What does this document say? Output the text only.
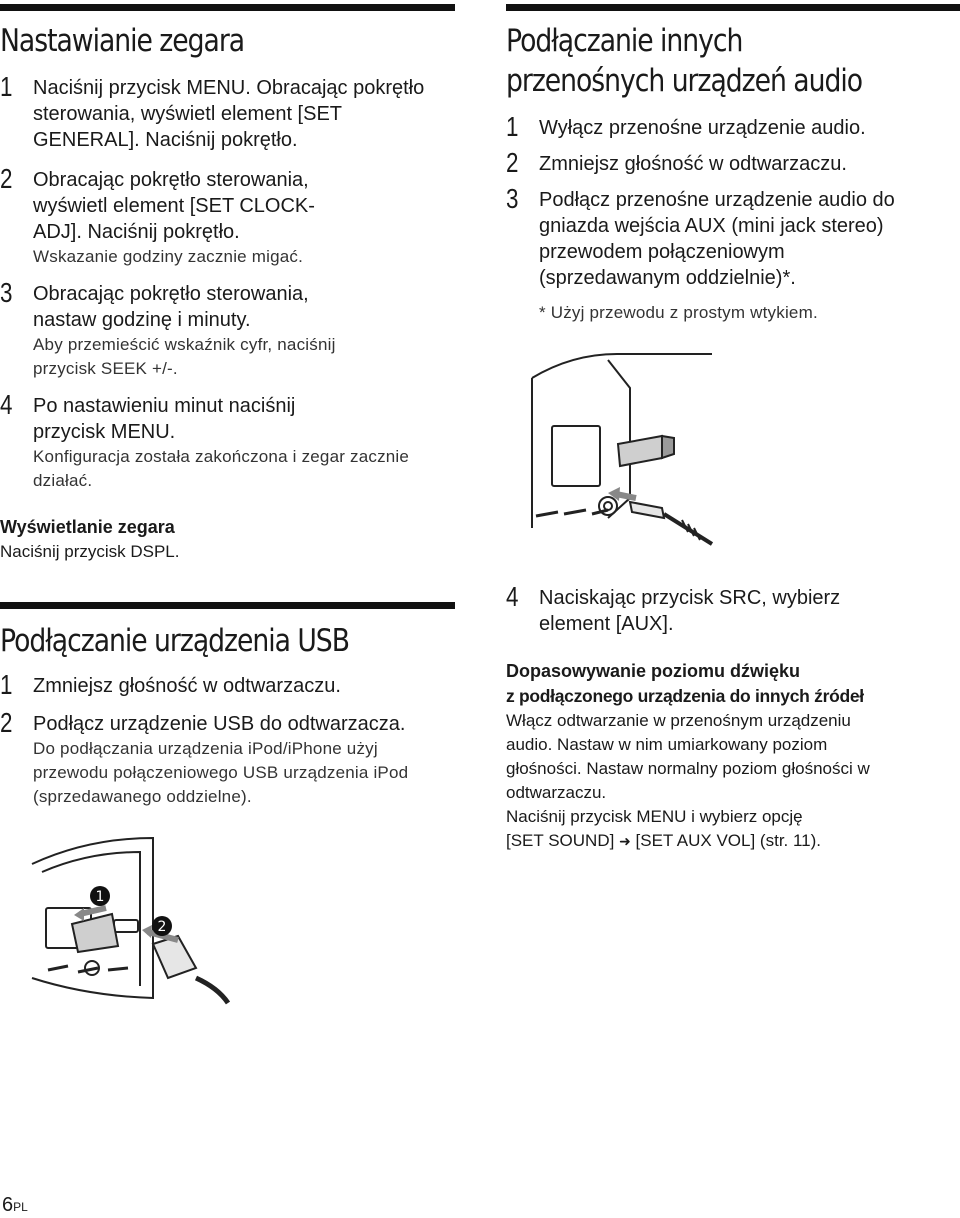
Nastawianie zegara
1 Naciśnij przycisk MENU. Obracając pokrętło sterowania, wyświetl element [SET GENERAL]. Naciśnij pokrętło.
2 Obracając pokrętło sterowania, wyświetl element [SET CLOCK-ADJ]. Naciśnij pokrętło.
Wskazanie godziny zacznie migać.
3 Obracając pokrętło sterowania, nastaw godzinę i minuty.
Aby przemieścić wskaźnik cyfr, naciśnij przycisk SEEK +/-.
4 Po nastawieniu minut naciśnij przycisk MENU.
Konfiguracja została zakończona i zegar zacznie działać.
Wyświetlanie zegara
Naciśnij przycisk DSPL.
Podłączanie urządzenia USB
1 Zmniejsz głośność w odtwarzaczu.
2 Podłącz urządzenie USB do odtwarzacza.
Do podłączania urządzenia iPod/iPhone użyj przewodu połączeniowego USB urządzenia iPod (sprzedawanego oddzielne).
1
2
Podłączanie innych
przenośnych urządzeń audio
1 Wyłącz przenośne urządzenie audio.
2 Zmniejsz głośność w odtwarzaczu.
3 Podłącz przenośne urządzenie audio do gniazda wejścia AUX (mini jack stereo) przewodem połączeniowym (sprzedawanym oddzielnie)*.
* Użyj przewodu z prostym wtykiem.
4 Naciskając przycisk SRC, wybierz element [AUX].
Dopasowywanie poziomu dźwięku
z podłączonego urządzenia do innych źródeł
Włącz odtwarzanie w przenośnym urządzeniu audio. Nastaw w nim umiarkowany poziom głośności. Nastaw normalny poziom głośności w odtwarzaczu.
Naciśnij przycisk MENU i wybierz opcję
[SET SOUND] ➜ [SET AUX VOL] (str. 11).
6PL
